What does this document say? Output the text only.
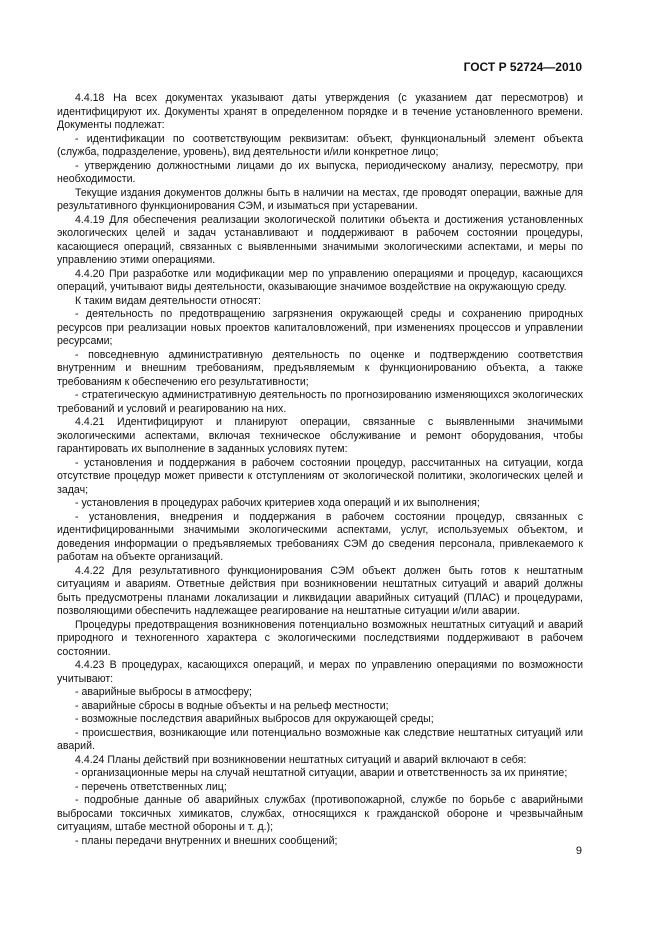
ГОСТ Р 52724—2010

4.4.18 На всех документах указывают даты утверждения (с указанием дат пересмотров) и идентифицируют их. Документы хранят в определенном порядке и в течение установленного времени. Документы подлежат:

- идентификации по соответствующим реквизитам: объект, функциональный элемент объекта (служба, подразделение, уровень), вид деятельности и/или конкретное лицо;

- утверждению должностными лицами до их выпуска, периодическому анализу, пересмотру, при необходимости.

Текущие издания документов должны быть в наличии на местах, где проводят операции, важные для результативного функционирования СЭМ, и изыматься при устаревании.

4.4.19 Для обеспечения реализации экологической политики объекта и достижения установленных экологических целей и задач устанавливают и поддерживают в рабочем состоянии процедуры, касающиеся операций, связанных с выявленными значимыми экологическими аспектами, и меры по управлению этими операциями.

4.4.20 При разработке или модификации мер по управлению операциями и процедур, касающихся операций, учитывают виды деятельности, оказывающие значимое воздействие на окружающую среду.

К таким видам деятельности относят:

- деятельность по предотвращению загрязнения окружающей среды и сохранению природных ресурсов при реализации новых проектов капиталовложений, при изменениях процессов и управлении ресурсами;

- повседневную административную деятельность по оценке и подтверждению соответствия внутренним и внешним требованиям, предъявляемым к функционированию объекта, а также требованиям к обеспечению его результативности;

- стратегическую административную деятельность по прогнозированию изменяющихся экологических требований и условий и реагированию на них.

4.4.21 Идентифицируют и планируют операции, связанные с выявленными значимыми экологическими аспектами, включая техническое обслуживание и ремонт оборудования, чтобы гарантировать их выполнение в заданных условиях путем:

- установления и поддержания в рабочем состоянии процедур, рассчитанных на ситуации, когда отсутствие процедур может привести к отступлениям от экологической политики, экологических целей и задач;

- установления в процедурах рабочих критериев хода операций и их выполнения;

- установления, внедрения и поддержания в рабочем состоянии процедур, связанных с идентифицированными значимыми экологическими аспектами, услуг, используемых объектом, и доведения информации о предъявляемых требованиях СЭМ до сведения персонала, привлекаемого к работам на объекте организаций.

4.4.22 Для результативного функционирования СЭМ объект должен быть готов к нештатным ситуациям и авариям. Ответные действия при возникновении нештатных ситуаций и аварий должны быть предусмотрены планами локализации и ликвидации аварийных ситуаций (ПЛАС) и процедурами, позволяющими обеспечить надлежащее реагирование на нештатные ситуации и/или аварии.

Процедуры предотвращения возникновения потенциально возможных нештатных ситуаций и аварий природного и техногенного характера с экологическими последствиями поддерживают в рабочем состоянии.

4.4.23 В процедурах, касающихся операций, и мерах по управлению операциями по возможности учитывают:

- аварийные выбросы в атмосферу;

- аварийные сбросы в водные объекты и на рельеф местности;

- возможные последствия аварийных выбросов для окружающей среды;

- происшествия, возникающие или потенциально возможные как следствие нештатных ситуаций или аварий.

4.4.24 Планы действий при возникновении нештатных ситуаций и аварий включают в себя:

- организационные меры на случай нештатной ситуации, аварии и ответственность за их принятие;

- перечень ответственных лиц;

- подробные данные об аварийных службах (противопожарной, службе по борьбе с аварийными выбросами токсичных химикатов, службах, относящихся к гражданской обороне и чрезвычайным ситуациям, штабе местной обороны и т. д.);

- планы передачи внутренних и внешних сообщений;

9
